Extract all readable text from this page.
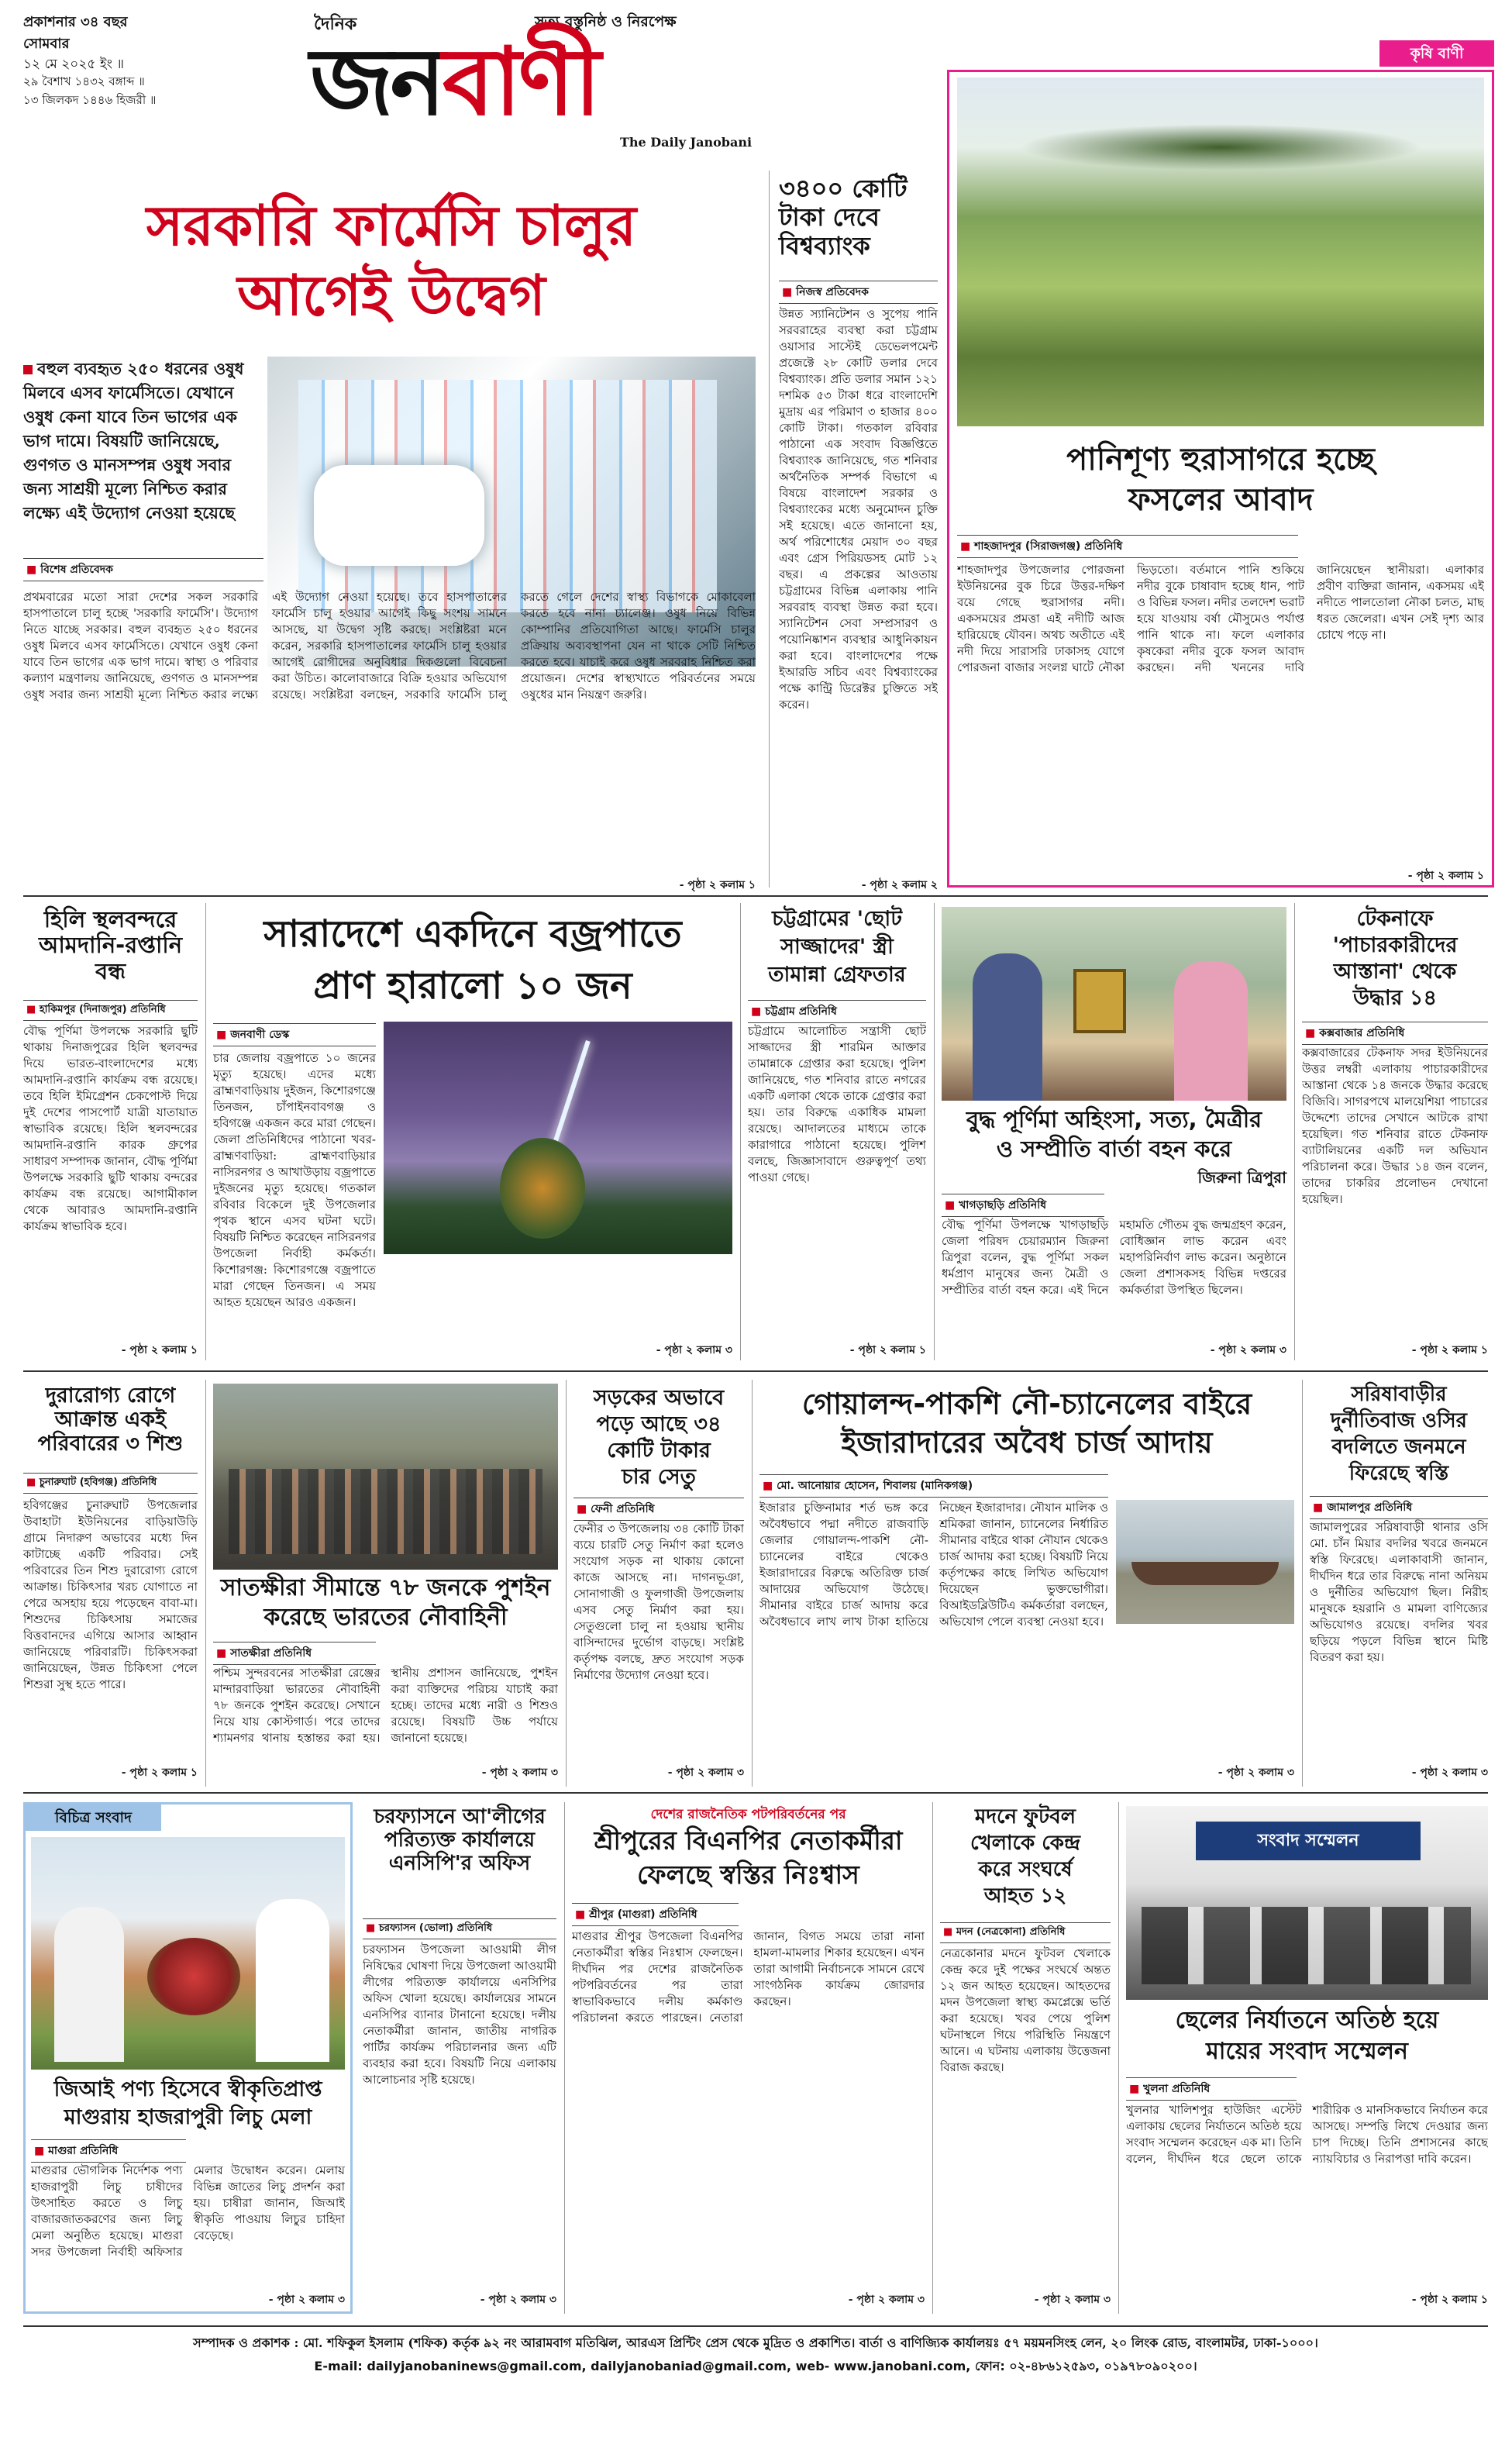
প্রকাশনার ৩৪ বছর
সোমবার
১২ মে ২০২৫ ইং ॥
২৯ বৈশাখ ১৪৩২ বঙ্গাব্দ ॥
১৩ জিলকদ ১৪৪৬ হিজরী ॥
দৈনিক	সত্য বস্তুনিষ্ঠ ও নিরপেক্ষ
জনবাণী
The Daily Janobani
সরকারি ফার্মেসি চালুর
আগেই উদ্বেগ
বহুল ব্যবহৃত ২৫০ ধরনের ওষুধ মিলবে এসব ফার্মেসিতে। যেখানে ওষুধ কেনা যাবে তিন ভাগের এক ভাগ দামে। বিষয়টি জানিয়েছে, গুণগত ও মানসম্পন্ন ওষুধ সবার জন্য সাশ্রয়ী মূল্যে নিশ্চিত করার লক্ষ্যে এই উদ্যোগ নেওয়া হয়েছে
■ বিশেষ প্রতিবেদক
প্রথমবারের মতো সারা দেশের সকল সরকারি হাসপাতালে চালু হচ্ছে 'সরকারি ফার্মেসি'। উদ্যোগ নিতে যাচ্ছে সরকার। বহুল ব্যবহৃত ২৫০ ধরনের ওষুধ মিলবে এসব ফার্মেসিতে। যেখানে ওষুধ কেনা যাবে তিন ভাগের এক ভাগ দামে। স্বাস্থ্য ও পরিবার কল্যাণ মন্ত্রণালয় জানিয়েছে, গুণগত ও মানসম্পন্ন ওষুধ সবার জন্য সাশ্রয়ী মূল্যে নিশ্চিত করার লক্ষ্যে এই উদ্যোগ নেওয়া হয়েছে। তবে হাসপাতালের ফার্মেসি চালু হওয়ার আগেই কিছু সংশয় সামনে আসছে, যা উদ্বেগ সৃষ্টি করছে। সংশ্লিষ্টরা মনে করেন, সরকারি হাসপাতালের ফার্মেসি চালু হওয়ার আগেই রোগীদের অনুবিধার দিকগুলো বিবেচনা করা উচিত। কালোবাজারে বিক্রি হওয়ার অভিযোগ রয়েছে। সংশ্লিষ্টরা বলছেন, সরকারি ফার্মেসি চালু করতে গেলে দেশের স্বাস্থ্য বিভাগকে মোকাবেলা করতে হবে নানা চ্যালেঞ্জ। ওষুধ নিয়ে বিভিন্ন কোম্পানির প্রতিযোগিতা আছে। ফার্মেসি চালুর প্রক্রিয়ায় অব্যবস্থাপনা যেন না থাকে সেটি নিশ্চিত করতে হবে। যাচাই করে ওষুধ সরবরাহ নিশ্চিত করা প্রয়োজন। দেশের স্বাস্থ্যখাতে পরিবর্তনের সময়ে ওষুধের মান নিয়ন্ত্রণ জরুরি।
- পৃষ্ঠা ২ কলাম ১
৩৪০০ কোটি টাকা দেবে বিশ্বব্যাংক
■ নিজস্ব প্রতিবেদক
উন্নত স্যানিটেশন ও সুপেয় পানি সরবরাহের ব্যবস্থা করা চট্টগ্রাম ওয়াসার সাস্টেই ডেভেলপমেন্ট প্রজেক্টে ২৮ কোটি ডলার দেবে বিশ্বব্যাংক। প্রতি ডলার সমান ১২১ দশমিক ৫৩ টাকা ধরে বাংলাদেশি মুদ্রায় এর পরিমাণ ৩ হাজার ৪০০ কোটি টাকা। গতকাল রবিবার পাঠানো এক সংবাদ বিজ্ঞপ্তিতে বিশ্বব্যাংক জানিয়েছে, গত শনিবার অর্থনৈতিক সম্পর্ক বিভাগে এ বিষয়ে বাংলাদেশ সরকার ও বিশ্বব্যাংকের মধ্যে অনুমোদন চুক্তি সই হয়েছে। এতে জানানো হয়, অর্থ পরিশোধের মেয়াদ ৩০ বছর এবং গ্রেস পিরিয়ডসহ মোট ১২ বছর। এ প্রকল্পের আওতায় চট্টগ্রামের বিভিন্ন এলাকায় পানি সরবরাহ ব্যবস্থা উন্নত করা হবে। স্যানিটেশন সেবা সম্প্রসারণ ও পয়োনিষ্কাশন ব্যবস্থার আধুনিকায়ন করা হবে। বাংলাদেশের পক্ষে ইআরডি সচিব এবং বিশ্বব্যাংকের পক্ষে কান্ট্রি ডিরেক্টর চুক্তিতে সই করেন।
- পৃষ্ঠা ২ কলাম ২
কৃষি বাণী
পানিশূণ্য হুরাসাগরে হচ্ছে
ফসলের আবাদ
■ শাহজাদপুর (সিরাজগঞ্জ) প্রতিনিধি
শাহজাদপুর উপজেলার পোরজনা ইউনিয়নের বুক চিরে উত্তর-দক্ষিণ বয়ে গেছে হুরাসাগর নদী। একসময়ের প্রমত্তা এই নদীটি আজ হারিয়েছে যৌবন। অথচ অতীতে এই নদী দিয়ে সারাসরি ঢাকাসহ যোগে পোরজনা বাজার সংলগ্ন ঘাটে নৌকা ভিড়তো। বর্তমানে পানি শুকিয়ে নদীর বুকে চাষাবাদ হচ্ছে ধান, পাট ও বিভিন্ন ফসল। নদীর তলদেশ ভরাট হয়ে যাওয়ায় বর্ষা মৌসুমেও পর্যাপ্ত পানি থাকে না। ফলে এলাকার কৃষকেরা নদীর বুকে ফসল আবাদ করছেন। নদী খননের দাবি জানিয়েছেন স্থানীয়রা। এলাকার প্রবীণ ব্যক্তিরা জানান, একসময় এই নদীতে পালতোলা নৌকা চলত, মাছ ধরত জেলেরা। এখন সেই দৃশ্য আর চোখে পড়ে না।
- পৃষ্ঠা ২ কলাম ১
হিলি স্থলবন্দরে আমদানি-রপ্তানি বন্ধ
■ হাকিমপুর (দিনাজপুর) প্রতিনিধি
বৌদ্ধ পূর্ণিমা উপলক্ষে সরকারি ছুটি থাকায় দিনাজপুরের হিলি স্থলবন্দর দিয়ে ভারত-বাংলাদেশের মধ্যে আমদানি-রপ্তানি কার্যক্রম বন্ধ রয়েছে। তবে হিলি ইমিগ্রেশন চেকপোস্ট দিয়ে দুই দেশের পাসপোর্ট যাত্রী যাতায়াত স্বাভাবিক রয়েছে। হিলি স্থলবন্দরের আমদানি-রপ্তানি কারক গ্রুপের সাধারণ সম্পাদক জানান, বৌদ্ধ পূর্ণিমা উপলক্ষে সরকারি ছুটি থাকায় বন্দরের কার্যক্রম বন্ধ রয়েছে। আগামীকাল থেকে আবারও আমদানি-রপ্তানি কার্যক্রম স্বাভাবিক হবে।
- পৃষ্ঠা ২ কলাম ১
সারাদেশে একদিনে বজ্রপাতে
প্রাণ হারালো ১০ জন
■ জনবাণী ডেস্ক
চার জেলায় বজ্রপাতে ১০ জনের মৃত্যু হয়েছে। এদের মধ্যে ব্রাহ্মণবাড়িয়ায় দুইজন, কিশোরগঞ্জে তিনজন, চাঁপাইনবাবগঞ্জ ও হবিগঞ্জে একজন করে মারা গেছেন। জেলা প্রতিনিধিদের পাঠানো খবর- ব্রাহ্মণবাড়িয়া: ব্রাহ্মণবাড়িয়ার নাসিরনগর ও আখাউড়ায় বজ্রপাতে দুইজনের মৃত্যু হয়েছে। গতকাল রবিবার বিকেলে দুই উপজেলার পৃথক স্থানে এসব ঘটনা ঘটে। বিষয়টি নিশ্চিত করেছেন নাসিরনগর উপজেলা নির্বাহী কর্মকর্তা। কিশোরগঞ্জ: কিশোরগঞ্জে বজ্রপাতে মারা গেছেন তিনজন। এ সময় আহত হয়েছেন আরও একজন।
- পৃষ্ঠা ২ কলাম ৩
চট্টগ্রামের 'ছোট
সাজ্জাদের' স্ত্রী
তামান্না গ্রেফতার
■ চট্টগ্রাম প্রতিনিধি
চট্টগ্রামে আলোচিত সন্ত্রাসী ছোট সাজ্জাদের স্ত্রী শারমিন আক্তার তামান্নাকে গ্রেপ্তার করা হয়েছে। পুলিশ জানিয়েছে, গত শনিবার রাতে নগরের একটি এলাকা থেকে তাকে গ্রেপ্তার করা হয়। তার বিরুদ্ধে একাধিক মামলা রয়েছে। আদালতের মাধ্যমে তাকে কারাগারে পাঠানো হয়েছে। পুলিশ বলছে, জিজ্ঞাসাবাদে গুরুত্বপূর্ণ তথ্য পাওয়া গেছে।
- পৃষ্ঠা ২ কলাম ১
বুদ্ধ পূর্ণিমা অহিংসা, সত্য, মৈত্রীর
ও সম্প্রীতি বার্তা বহন করে
জিরুনা ত্রিপুরা
■ খাগড়াছড়ি প্রতিনিধি
বৌদ্ধ পূর্ণিমা উপলক্ষে খাগড়াছড়ি জেলা পরিষদ চেয়ারম্যান জিরুনা ত্রিপুরা বলেন, বুদ্ধ পূর্ণিমা সকল ধর্মপ্রাণ মানুষের জন্য মৈত্রী ও সম্প্রীতির বার্তা বহন করে। এই দিনে মহামতি গৌতম বুদ্ধ জন্মগ্রহণ করেন, বোধিজ্ঞান লাভ করেন এবং মহাপরিনির্বাণ লাভ করেন। অনুষ্ঠানে জেলা প্রশাসকসহ বিভিন্ন দপ্তরের কর্মকর্তারা উপস্থিত ছিলেন।
- পৃষ্ঠা ২ কলাম ৩
টেকনাফে
'পাচারকারীদের
আস্তানা' থেকে
উদ্ধার ১৪
■ কক্সবাজার প্রতিনিধি
কক্সবাজারের টেকনাফ সদর ইউনিয়নের উত্তর লম্বরী এলাকায় পাচারকারীদের আস্তানা থেকে ১৪ জনকে উদ্ধার করেছে বিজিবি। সাগরপথে মালয়েশিয়া পাচারের উদ্দেশ্যে তাদের সেখানে আটকে রাখা হয়েছিল। গত শনিবার রাতে টেকনাফ ব্যাটালিয়নের একটি দল অভিযান পরিচালনা করে। উদ্ধার ১৪ জন বলেন, তাদের চাকরির প্রলোভন দেখানো হয়েছিল।
- পৃষ্ঠা ২ কলাম ১
দুরারোগ্য রোগে আক্রান্ত একই পরিবারের ৩ শিশু
■ চুনারুঘাট (হবিগঞ্জ) প্রতিনিধি
হবিগঞ্জের চুনারুঘাট উপজেলার উবাহাটা ইউনিয়নের বাড়িয়াউড়ি গ্রামে নিদারুণ অভাবের মধ্যে দিন কাটাচ্ছে একটি পরিবার। সেই পরিবারের তিন শিশু দুরারোগ্য রোগে আক্রান্ত। চিকিৎসার খরচ যোগাতে না পেরে অসহায় হয়ে পড়েছেন বাবা-মা। শিশুদের চিকিৎসায় সমাজের বিত্তবানদের এগিয়ে আসার আহ্বান জানিয়েছে পরিবারটি। চিকিৎসকরা জানিয়েছেন, উন্নত চিকিৎসা পেলে শিশুরা সুস্থ হতে পারে।
- পৃষ্ঠা ২ কলাম ১
সাতক্ষীরা সীমান্তে ৭৮ জনকে পুশইন
করেছে ভারতের নৌবাহিনী
■ সাতক্ষীরা প্রতিনিধি
পশ্চিম সুন্দরবনের সাতক্ষীরা রেঞ্জের মান্দারবাড়িয়া ভারতের নৌবাহিনী ৭৮ জনকে পুশইন করেছে। সেখানে নিয়ে যায় কোস্টগার্ড। পরে তাদের শ্যামনগর থানায় হস্তান্তর করা হয়। স্থানীয় প্রশাসন জানিয়েছে, পুশইন করা ব্যক্তিদের পরিচয় যাচাই করা হচ্ছে। তাদের মধ্যে নারী ও শিশুও রয়েছে। বিষয়টি উচ্চ পর্যায়ে জানানো হয়েছে।
- পৃষ্ঠা ২ কলাম ৩
সড়কের অভাবে
পড়ে আছে ৩৪
কোটি টাকার
চার সেতু
■ ফেনী প্রতিনিধি
ফেনীর ৩ উপজেলায় ৩৪ কোটি টাকা ব্যয়ে চারটি সেতু নির্মাণ করা হলেও সংযোগ সড়ক না থাকায় কোনো কাজে আসছে না। দাগনভূঞা, সোনাগাজী ও ফুলগাজী উপজেলায় এসব সেতু নির্মাণ করা হয়। সেতুগুলো চালু না হওয়ায় স্থানীয় বাসিন্দাদের দুর্ভোগ বাড়ছে। সংশ্লিষ্ট কর্তৃপক্ষ বলছে, দ্রুত সংযোগ সড়ক নির্মাণের উদ্যোগ নেওয়া হবে।
- পৃষ্ঠা ২ কলাম ৩
গোয়ালন্দ-পাকশি নৌ-চ্যানেলের বাইরে
ইজারাদারের অবৈধ চার্জ আদায়
■ মো. আনোয়ার হোসেন, শিবালয় (মানিকগঞ্জ)
ইজারার চুক্তিনামার শর্ত ভঙ্গ করে অবৈধভাবে পদ্মা নদীতে রাজবাড়ি জেলার গোয়ালন্দ-পাকশি নৌ-চ্যানেলের বাইরে থেকেও ইজারাদারের বিরুদ্ধে অতিরিক্ত চার্জ আদায়ের অভিযোগ উঠেছে। সীমানার বাইরে চার্জ আদায় করে অবৈধভাবে লাখ লাখ টাকা হাতিয়ে নিচ্ছেন ইজারাদার। নৌযান মালিক ও শ্রমিকরা জানান, চ্যানেলের নির্ধারিত সীমানার বাইরে থাকা নৌযান থেকেও চার্জ আদায় করা হচ্ছে। বিষয়টি নিয়ে কর্তৃপক্ষের কাছে লিখিত অভিযোগ দিয়েছেন ভুক্তভোগীরা। বিআইডব্লিউটিএ কর্মকর্তারা বলছেন, অভিযোগ পেলে ব্যবস্থা নেওয়া হবে।
- পৃষ্ঠা ২ কলাম ৩
সরিষাবাড়ীর
দুর্নীতিবাজ ওসির
বদলিতে জনমনে
ফিরেছে স্বস্তি
■ জামালপুর প্রতিনিধি
জামালপুরের সরিষাবাড়ী থানার ওসি মো. চাঁন মিয়ার বদলির খবরে জনমনে স্বস্তি ফিরেছে। এলাকাবাসী জানান, দীর্ঘদিন ধরে তার বিরুদ্ধে নানা অনিয়ম ও দুর্নীতির অভিযোগ ছিল। নিরীহ মানুষকে হয়রানি ও মামলা বাণিজ্যের অভিযোগও রয়েছে। বদলির খবর ছড়িয়ে পড়লে বিভিন্ন স্থানে মিষ্টি বিতরণ করা হয়।
- পৃষ্ঠা ২ কলাম ৩
বিচিত্র সংবাদ
জিআই পণ্য হিসেবে স্বীকৃতিপ্রাপ্ত
মাগুরায় হাজরাপুরী লিচু মেলা
■ মাগুরা প্রতিনিধি
মাগুরার ভৌগলিক নির্দেশক পণ্য হাজরাপুরী লিচু চাষীদের উৎসাহিত করতে ও লিচু বাজারজাতকরণের জন্য লিচু মেলা অনুষ্ঠিত হয়েছে। মাগুরা সদর উপজেলা নির্বাহী অফিসার মেলার উদ্বোধন করেন। মেলায় বিভিন্ন জাতের লিচু প্রদর্শন করা হয়। চাষীরা জানান, জিআই স্বীকৃতি পাওয়ায় লিচুর চাহিদা বেড়েছে।
- পৃষ্ঠা ২ কলাম ৩
চরফ্যাসনে আ'লীগের পরিত্যক্ত কার্যালয়ে এনসিপি'র অফিস
■ চরফ্যাসন (ভোলা) প্রতিনিধি
চরফ্যাসন উপজেলা আওয়ামী লীগ নিষিদ্ধের ঘোষণা দিয়ে উপজেলা আওয়ামী লীগের পরিত্যক্ত কার্যালয়ে এনসিপির অফিস খোলা হয়েছে। কার্যালয়ের সামনে এনসিপির ব্যানার টানানো হয়েছে। দলীয় নেতাকর্মীরা জানান, জাতীয় নাগরিক পার্টির কার্যক্রম পরিচালনার জন্য এটি ব্যবহার করা হবে। বিষয়টি নিয়ে এলাকায় আলোচনার সৃষ্টি হয়েছে।
- পৃষ্ঠা ২ কলাম ৩
দেশের রাজনৈতিক পটপরিবর্তনের পর
শ্রীপুরের বিএনপির নেতাকর্মীরা
ফেলছে স্বস্তির নিঃশ্বাস
■ শ্রীপুর (মাগুরা) প্রতিনিধি
মাগুরার শ্রীপুর উপজেলা বিএনপির নেতাকর্মীরা স্বস্তির নিঃশ্বাস ফেলছেন। দীর্ঘদিন পর দেশের রাজনৈতিক পটপরিবর্তনের পর তারা স্বাভাবিকভাবে দলীয় কর্মকাণ্ড পরিচালনা করতে পারছেন। নেতারা জানান, বিগত সময়ে তারা নানা হামলা-মামলার শিকার হয়েছেন। এখন তারা আগামী নির্বাচনকে সামনে রেখে সাংগঠনিক কার্যক্রম জোরদার করছেন।
- পৃষ্ঠা ২ কলাম ৩
মদনে ফুটবল
খেলাকে কেন্দ্র
করে সংঘর্ষে
আহত ১২
■ মদন (নেত্রকোনা) প্রতিনিধি
নেত্রকোনার মদনে ফুটবল খেলাকে কেন্দ্র করে দুই পক্ষের সংঘর্ষে অন্তত ১২ জন আহত হয়েছেন। আহতদের মদন উপজেলা স্বাস্থ্য কমপ্লেক্সে ভর্তি করা হয়েছে। খবর পেয়ে পুলিশ ঘটনাস্থলে গিয়ে পরিস্থিতি নিয়ন্ত্রণে আনে। এ ঘটনায় এলাকায় উত্তেজনা বিরাজ করছে।
- পৃষ্ঠা ২ কলাম ৩
সংবাদ সম্মেলন
ছেলের নির্যাতনে অতিষ্ঠ হয়ে
মায়ের সংবাদ সম্মেলন
■ খুলনা প্রতিনিধি
খুলনার খালিশপুর হাউজিং এস্টেট এলাকায় ছেলের নির্যাতনে অতিষ্ঠ হয়ে সংবাদ সম্মেলন করেছেন এক মা। তিনি বলেন, দীর্ঘদিন ধরে ছেলে তাকে শারীরিক ও মানসিকভাবে নির্যাতন করে আসছে। সম্পত্তি লিখে দেওয়ার জন্য চাপ দিচ্ছে। তিনি প্রশাসনের কাছে ন্যায়বিচার ও নিরাপত্তা দাবি করেন।
- পৃষ্ঠা ২ কলাম ১
সম্পাদক ও প্রকাশক : মো. শফিকুল ইসলাম (শফিক) কর্তৃক ৯২ নং আরামবাগ মতিঝিল, আরএস প্রিন্টিং প্রেস থেকে মুদ্রিত ও প্রকাশিত। বার্তা ও বাণিজ্যিক কার্যালয়ঃ ৫৭ ময়মনসিংহ লেন, ২০ লিংক রোড, বাংলামটর, ঢাকা-১০০০।
E-mail: dailyjanobaninews@gmail.com, dailyjanobaniad@gmail.com, web- www.janobani.com, ফোন: ০২-৪৮৬১২৫৯৩, ০১৯৭৮০৯০২০০।
